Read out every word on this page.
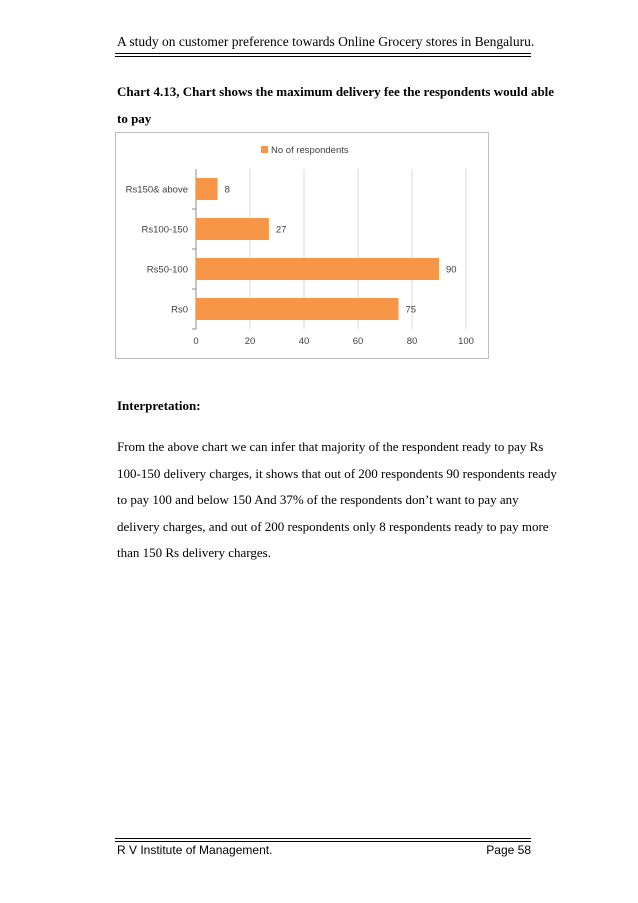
A study on customer preference towards Online Grocery stores in Bengaluru.
Chart 4.13, Chart shows the maximum delivery fee the respondents would able to pay
0	20	40	60	80	100
No of respondents
Rs0	75
Rs50-100	90
Rs100-150	27
Rs150& above	8
Interpretation:
From the above chart we can infer that majority of the respondent ready to pay Rs 100-150 delivery charges, it shows that out of 200 respondents 90 respondents ready to pay 100 and below 150 And 37% of the respondents don’t want to pay any delivery charges, and out of 200 respondents only 8 respondents ready to pay more than 150 Rs delivery charges.
R V Institute of Management.	Page 58
